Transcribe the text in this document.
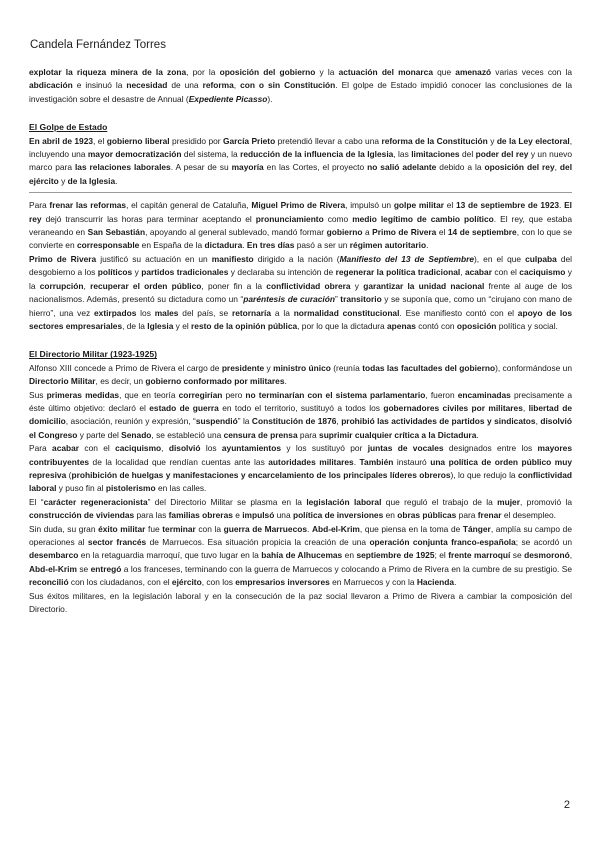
Candela Fernández Torres

explotar la riqueza minera de la zona, por la oposición del gobierno y la actuación del monarca que amenazó varias veces con la abdicación e insinuó la necesidad de una reforma, con o sin Constitución. El golpe de Estado impidió conocer las conclusiones de la investigación sobre el desastre de Annual (Expediente Picasso).

El Golpe de Estado

En abril de 1923, el gobierno liberal presidido por García Prieto pretendió llevar a cabo una reforma de la Constitución y de la Ley electoral, incluyendo una mayor democratización del sistema, la reducción de la influencia de la Iglesia, las limitaciones del poder del rey y un nuevo marco para las relaciones laborales. A pesar de su mayoría en las Cortes, el proyecto no salió adelante debido a la oposición del rey, del ejército y de la Iglesia.

Para frenar las reformas, el capitán general de Cataluña, Miguel Primo de Rivera, impulsó un golpe militar el 13 de septiembre de 1923. El rey dejó transcurrir las horas para terminar aceptando el pronunciamiento como medio legítimo de cambio político. El rey, que estaba veraneando en San Sebastián, apoyando al general sublevado, mandó formar gobierno a Primo de Rivera el 14 de septiembre, con lo que se convierte en corresponsable en España de la dictadura. En tres días pasó a ser un régimen autoritario.

Primo de Rivera justificó su actuación en un manifiesto dirigido a la nación (Manifiesto del 13 de Septiembre), en el que culpaba del desgobierno a los políticos y partidos tradicionales y declaraba su intención de regenerar la política tradicional, acabar con el caciquismo y la corrupción, recuperar el orden público, poner fin a la conflictividad obrera y garantizar la unidad nacional frente al auge de los nacionalismos. Además, presentó su dictadura como un “paréntesis de curación” transitorio y se suponía que, como un “cirujano con mano de hierro”, una vez extirpados los males del país, se retornaría a la normalidad constitucional. Ese manifiesto contó con el apoyo de los sectores empresariales, de la Iglesia y el resto de la opinión pública, por lo que la dictadura apenas contó con oposición política y social.

El Directorio Militar (1923-1925)

Alfonso XIII concede a Primo de Rivera el cargo de presidente y ministro único (reunía todas las facultades del gobierno), conformándose un Directorio Militar, es decir, un gobierno conformado por militares.

Sus primeras medidas, que en teoría corregirían pero no terminarían con el sistema parlamentario, fueron encaminadas precisamente a éste último objetivo: declaró el estado de guerra en todo el territorio, sustituyó a todos los gobernadores civiles por militares, libertad de domicilio, asociación, reunión y expresión, “suspendió” la Constitución de 1876, prohibió las actividades de partidos y sindicatos, disolvió el Congreso y parte del Senado, se estableció una censura de prensa para suprimir cualquier crítica a la Dictadura.

Para acabar con el caciquismo, disolvió los ayuntamientos y los sustituyó por juntas de vocales designados entre los mayores contribuyentes de la localidad que rendían cuentas ante las autoridades militares. También instauró una política de orden público muy represiva (prohibición de huelgas y manifestaciones y encarcelamiento de los principales líderes obreros), lo que redujo la conflictividad laboral y puso fin al pistolerismo en las calles.

El “carácter regeneracionista” del Directorio Militar se plasma en la legislación laboral que reguló el trabajo de la mujer, promovió la construcción de viviendas para las familias obreras e impulsó una política de inversiones en obras públicas para frenar el desempleo.

Sin duda, su gran éxito militar fue terminar con la guerra de Marruecos. Abd-el-Krim, que piensa en la toma de Tánger, amplía su campo de operaciones al sector francés de Marruecos. Esa situación propicia la creación de una operación conjunta franco-española; se acordó un desembarco en la retaguardia marroquí, que tuvo lugar en la bahía de Alhucemas en septiembre de 1925; el frente marroquí se desmoronó, Abd-el-Krim se entregó a los franceses, terminando con la guerra de Marruecos y colocando a Primo de Rivera en la cumbre de su prestigio. Se reconcilió con los ciudadanos, con el ejército, con los empresarios inversores en Marruecos y con la Hacienda.

Sus éxitos militares, en la legislación laboral y en la consecución de la paz social llevaron a Primo de Rivera a cambiar la composición del Directorio.

2
